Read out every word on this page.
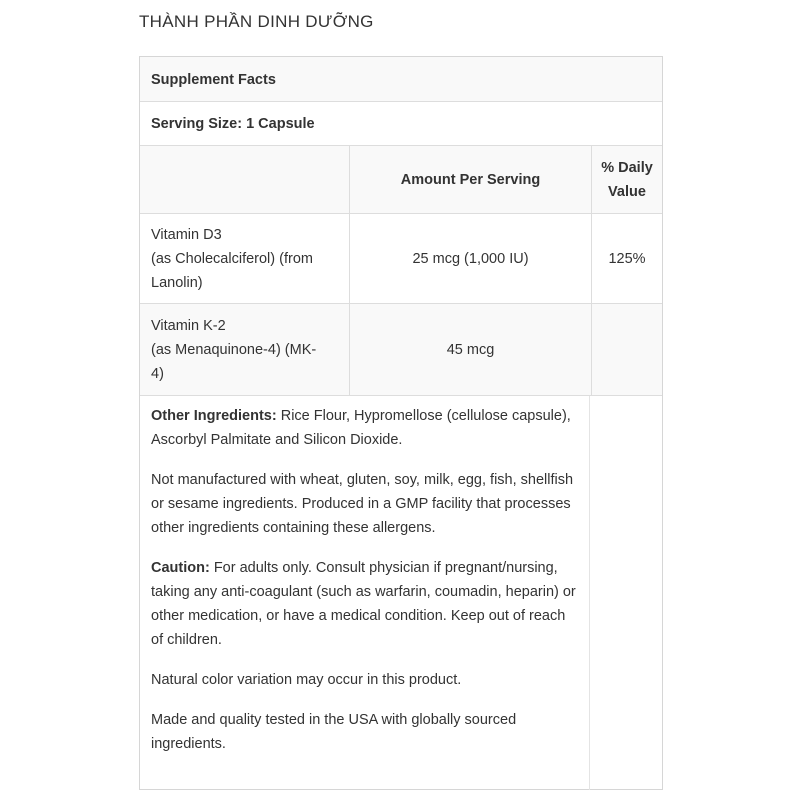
THÀNH PHẦN DINH DƯỠNG
Supplement Facts
Serving Size: 1 Capsule
Amount Per Serving
% Daily
Value
Vitamin D3
(as Cholecalciferol) (from
Lanolin)
25 mcg (1,000 IU)	125%
Vitamin K-2
(as Menaquinone-4) (MK-
4)
45 mcg

Other Ingredients: Rice Flour, Hypromellose (cellulose capsule), Ascorbyl Palmitate and Silicon Dioxide.

Not manufactured with wheat, gluten, soy, milk, egg, fish, shellfish or sesame ingredients. Produced in a GMP facility that processes other ingredients containing these allergens.

Caution: For adults only. Consult physician if pregnant/nursing, taking any anti-coagulant (such as warfarin, coumadin, heparin) or other medication, or have a medical condition. Keep out of reach of children.

Natural color variation may occur in this product.

Made and quality tested in the USA with globally sourced ingredients.
